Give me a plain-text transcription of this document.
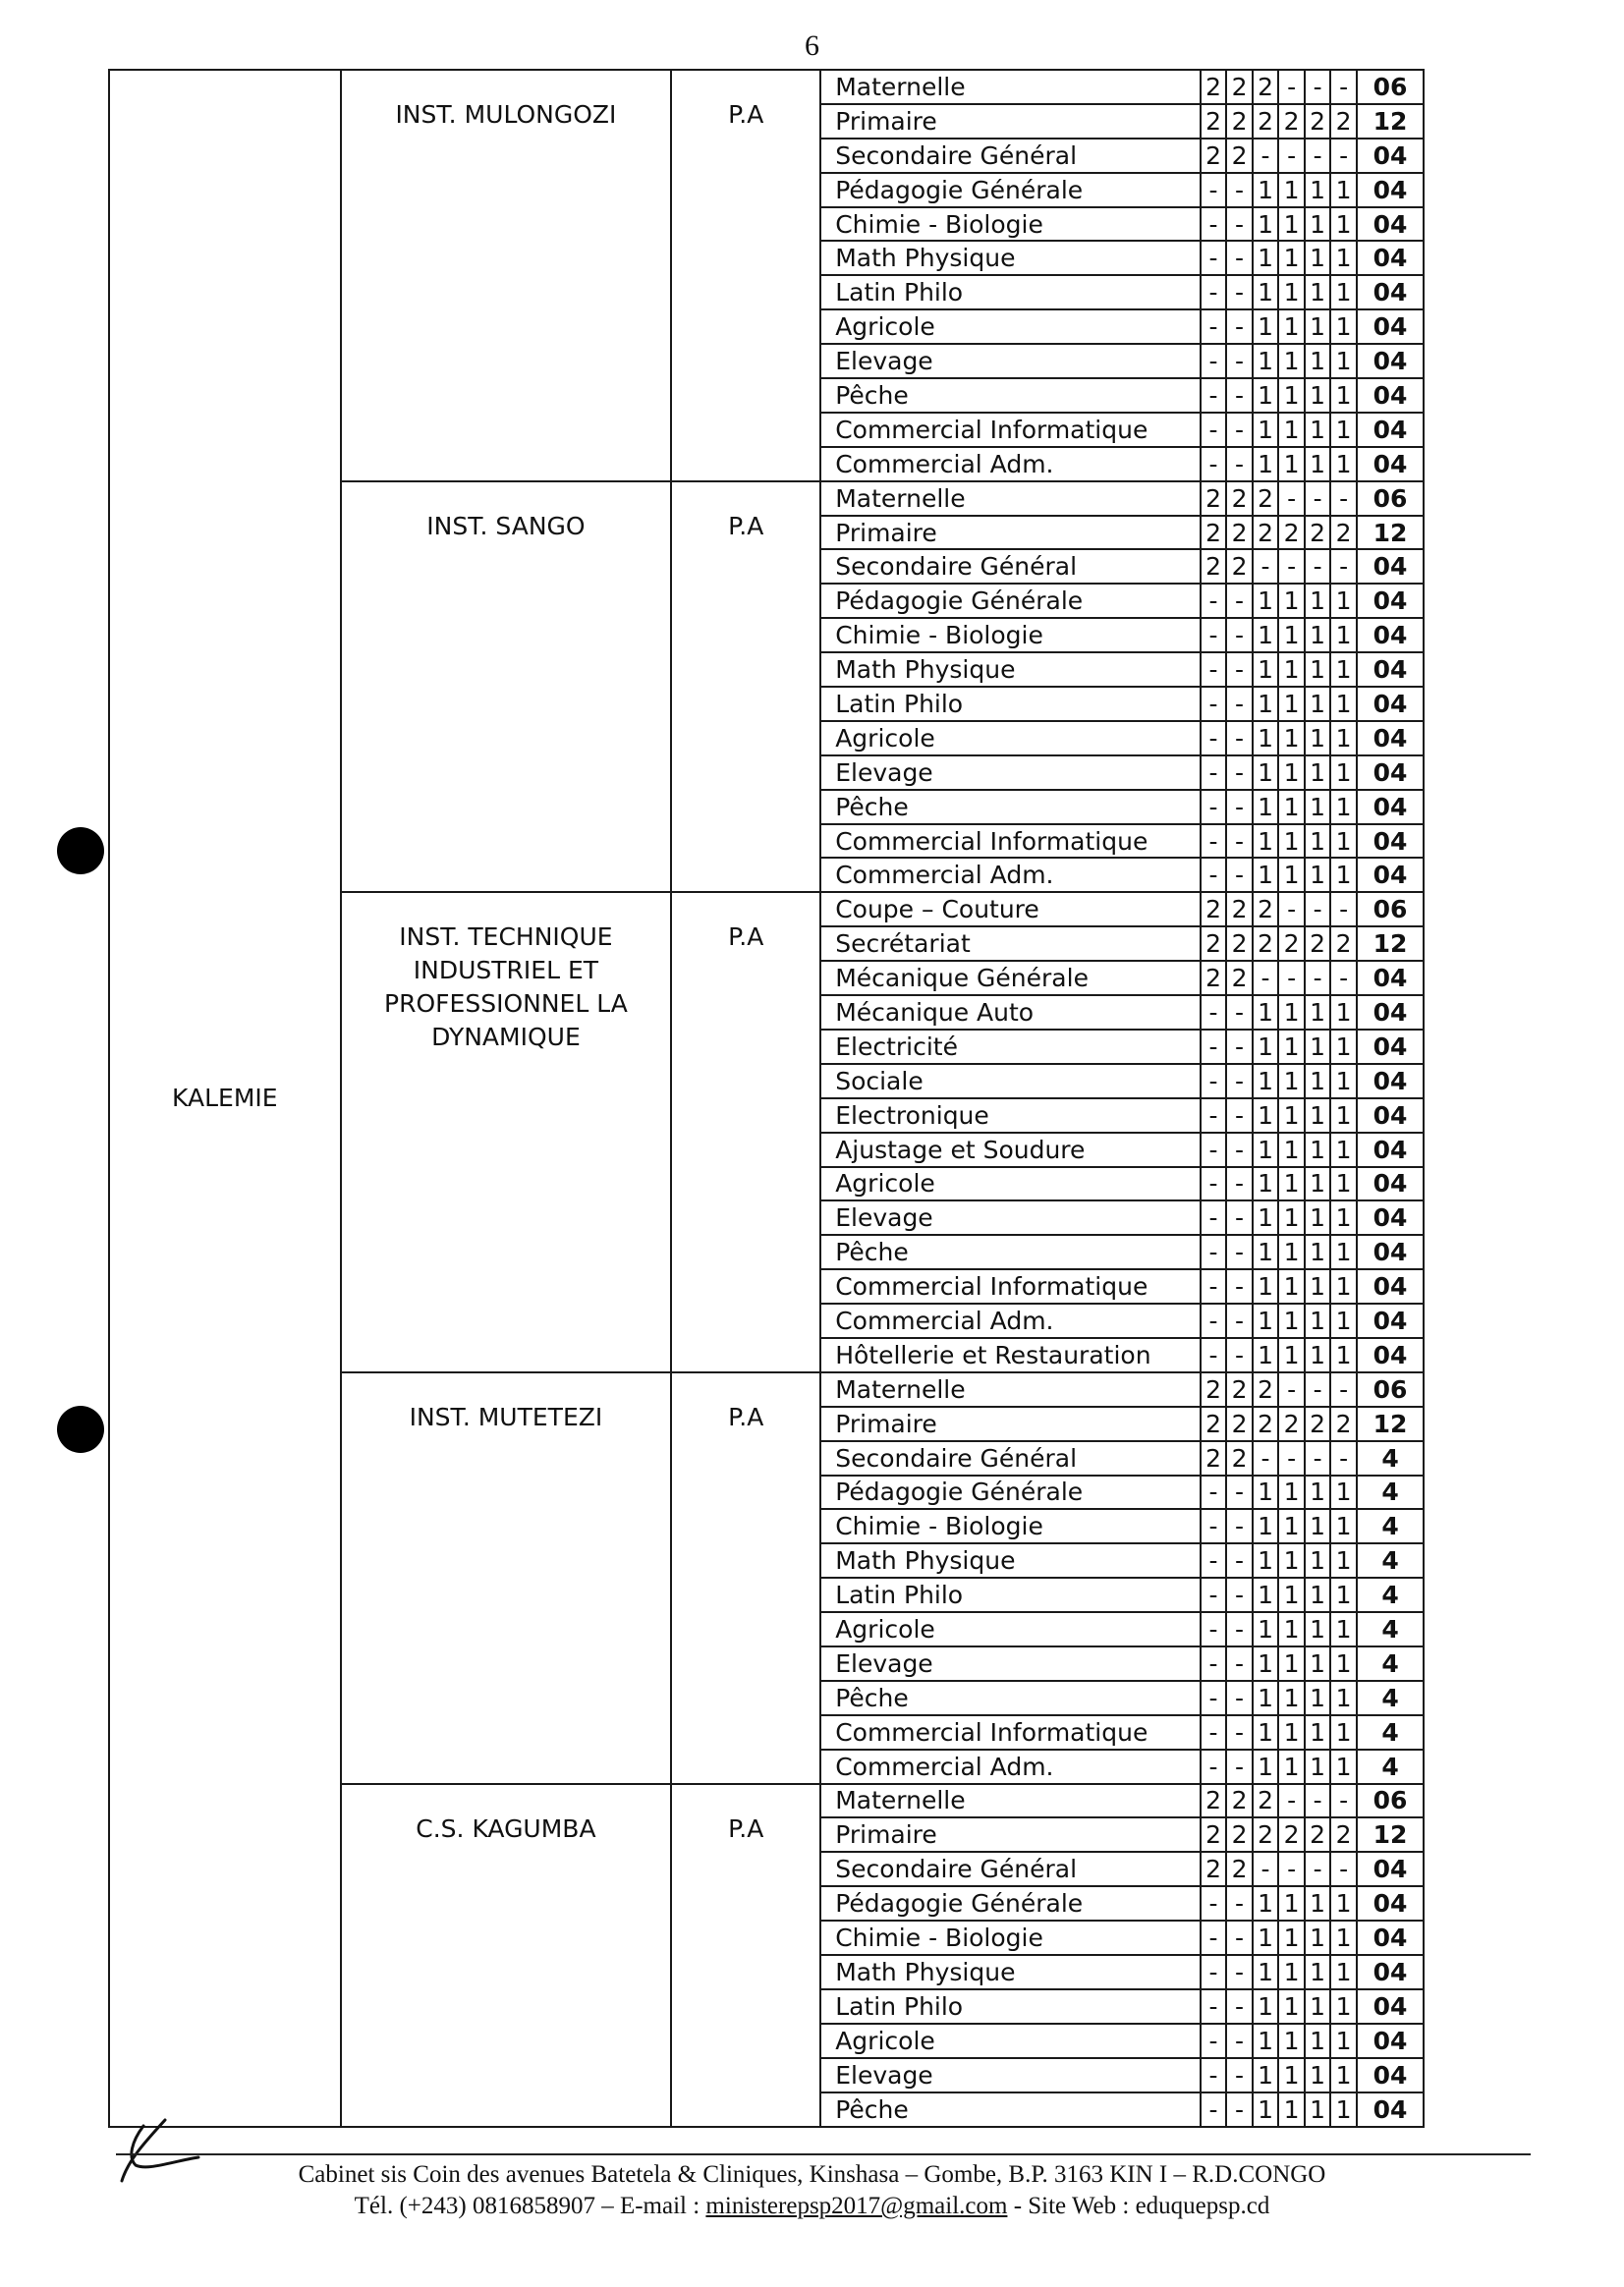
6
KALEMIE	INST. MULONGOZI	P.A	Maternelle	2	2	2	-	-	-	06	
			Primaire	2	2	2	2	2	2	12	
			Secondaire Général	2	2	-	-	-	-	04	
			Pédagogie Générale	-	-	1	1	1	1	04	
			Chimie - Biologie	-	-	1	1	1	1	04	
			Math Physique	-	-	1	1	1	1	04	
			Latin Philo	-	-	1	1	1	1	04	
			Agricole	-	-	1	1	1	1	04	
			Elevage	-	-	1	1	1	1	04	
			Pêche	-	-	1	1	1	1	04	
			Commercial Informatique	-	-	1	1	1	1	04	
			Commercial Adm.	-	-	1	1	1	1	04	
	INST. SANGO	P.A	Maternelle	2	2	2	-	-	-	06	
			Primaire	2	2	2	2	2	2	12	
			Secondaire Général	2	2	-	-	-	-	04	
			Pédagogie Générale	-	-	1	1	1	1	04	
			Chimie - Biologie	-	-	1	1	1	1	04	
			Math Physique	-	-	1	1	1	1	04	
			Latin Philo	-	-	1	1	1	1	04	
			Agricole	-	-	1	1	1	1	04	
			Elevage	-	-	1	1	1	1	04	
			Pêche	-	-	1	1	1	1	04	
			Commercial Informatique	-	-	1	1	1	1	04	
			Commercial Adm.	-	-	1	1	1	1	04	
	INST. TECHNIQUE INDUSTRIEL ET PROFESSIONNEL LA DYNAMIQUE	P.A	Coupe – Couture	2	2	2	-	-	-	06	
			Secrétariat	2	2	2	2	2	2	12	
			Mécanique Générale	2	2	-	-	-	-	04	
			Mécanique Auto	-	-	1	1	1	1	04	
			Electricité	-	-	1	1	1	1	04	
			Sociale	-	-	1	1	1	1	04	
			Electronique	-	-	1	1	1	1	04	
			Ajustage et Soudure	-	-	1	1	1	1	04	
			Agricole	-	-	1	1	1	1	04	
			Elevage	-	-	1	1	1	1	04	
			Pêche	-	-	1	1	1	1	04	
			Commercial Informatique	-	-	1	1	1	1	04	
			Commercial Adm.	-	-	1	1	1	1	04	
			Hôtellerie et Restauration	-	-	1	1	1	1	04	
	INST. MUTETEZI	P.A	Maternelle	2	2	2	-	-	-	06	
			Primaire	2	2	2	2	2	2	12	
			Secondaire Général	2	2	-	-	-	-	4	
			Pédagogie Générale	-	-	1	1	1	1	4	
			Chimie - Biologie	-	-	1	1	1	1	4	
			Math Physique	-	-	1	1	1	1	4	
			Latin Philo	-	-	1	1	1	1	4	
			Agricole	-	-	1	1	1	1	4	
			Elevage	-	-	1	1	1	1	4	
			Pêche	-	-	1	1	1	1	4	
			Commercial Informatique	-	-	1	1	1	1	4	
			Commercial Adm.	-	-	1	1	1	1	4	
	C.S. KAGUMBA	P.A	Maternelle	2	2	2	-	-	-	06	
			Primaire	2	2	2	2	2	2	12	
			Secondaire Général	2	2	-	-	-	-	04	
			Pédagogie Générale	-	-	1	1	1	1	04	
			Chimie - Biologie	-	-	1	1	1	1	04	
			Math Physique	-	-	1	1	1	1	04	
			Latin Philo	-	-	1	1	1	1	04	
			Agricole	-	-	1	1	1	1	04	
			Elevage	-	-	1	1	1	1	04	
			Pêche	-	-	1	1	1	1	04	
Cabinet sis Coin des avenues Batetela & Cliniques, Kinshasa – Gombe, B.P. 3163 KIN I – R.D.CONGO
Tél. (+243) 0816858907 – E-mail : ministerepsp2017@gmail.com - Site Web : eduquepsp.cd
